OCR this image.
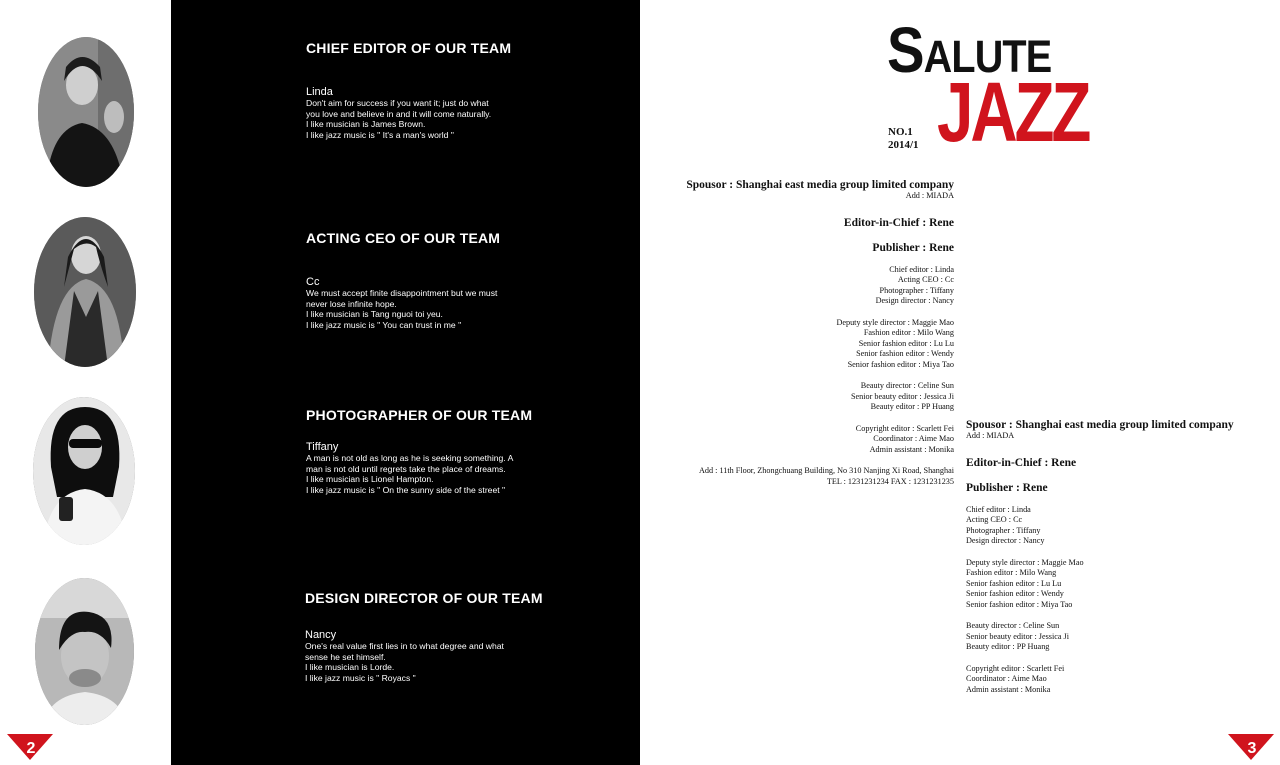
2	3
CHIEF EDITOR OF OUR TEAM
Linda

Don't aim for success if you want it; just do what

you love and believe in and it will come naturally.

I like musician is James Brown.

I like jazz music is " It's a man's world "

ACTING CEO OF OUR TEAM
Cc

We must accept finite disappointment but we must

never lose infinite hope.

I like musician is Tang nguoi toi yeu.

I like jazz music is " You can trust in me "

PHOTOGRAPHER OF OUR TEAM
Tiffany

A man is not old as long as he is seeking something. A

man is not old until regrets take the place of dreams.

I like musician is Lionel Hampton.

I like jazz music is " On the sunny side of the street "

DESIGN DIRECTOR OF OUR TEAM
Nancy

One's real value first lies in to what degree and what

sense he set himself.

I like musician is Lorde.

I like jazz music is " Royacs "

SALUTE
JAZZ
NO.1
2014/1
Spousor : Shanghai east media group limited company
Add : MIADA
Editor-in-Chief : Rene
Publisher : Rene
Chief editor : Linda
Acting CEO : Cc
Photographer : Tiffany
Design director : Nancy
Deputy style director : Maggie Mao
Fashion editor : Milo Wang
Senior fashion editor : Lu Lu
Senior fashion editor : Wendy
Senior fashion editor : Miya Tao
Beauty director : Celine Sun
Senior beauty editor : Jessica Ji
Beauty editor : PP Huang
Copyright editor : Scarlett Fei
Coordinator : Aime Mao
Admin assistant : Monika
Add : 11th Floor, Zhongchuang Building, No 310 Nanjing Xi Road, Shanghai
TEL : 1231231234 FAX : 1231231235
Spousor : Shanghai east media group limited company
Add : MIADA
Editor-in-Chief : Rene
Publisher : Rene
Chief editor : Linda
Acting CEO : Cc
Photographer : Tiffany
Design director : Nancy
Deputy style director : Maggie Mao
Fashion editor : Milo Wang
Senior fashion editor : Lu Lu
Senior fashion editor : Wendy
Senior fashion editor : Miya Tao
Beauty director : Celine Sun
Senior beauty editor : Jessica Ji
Beauty editor : PP Huang
Copyright editor : Scarlett Fei
Coordinator : Aime Mao
Admin assistant : Monika
